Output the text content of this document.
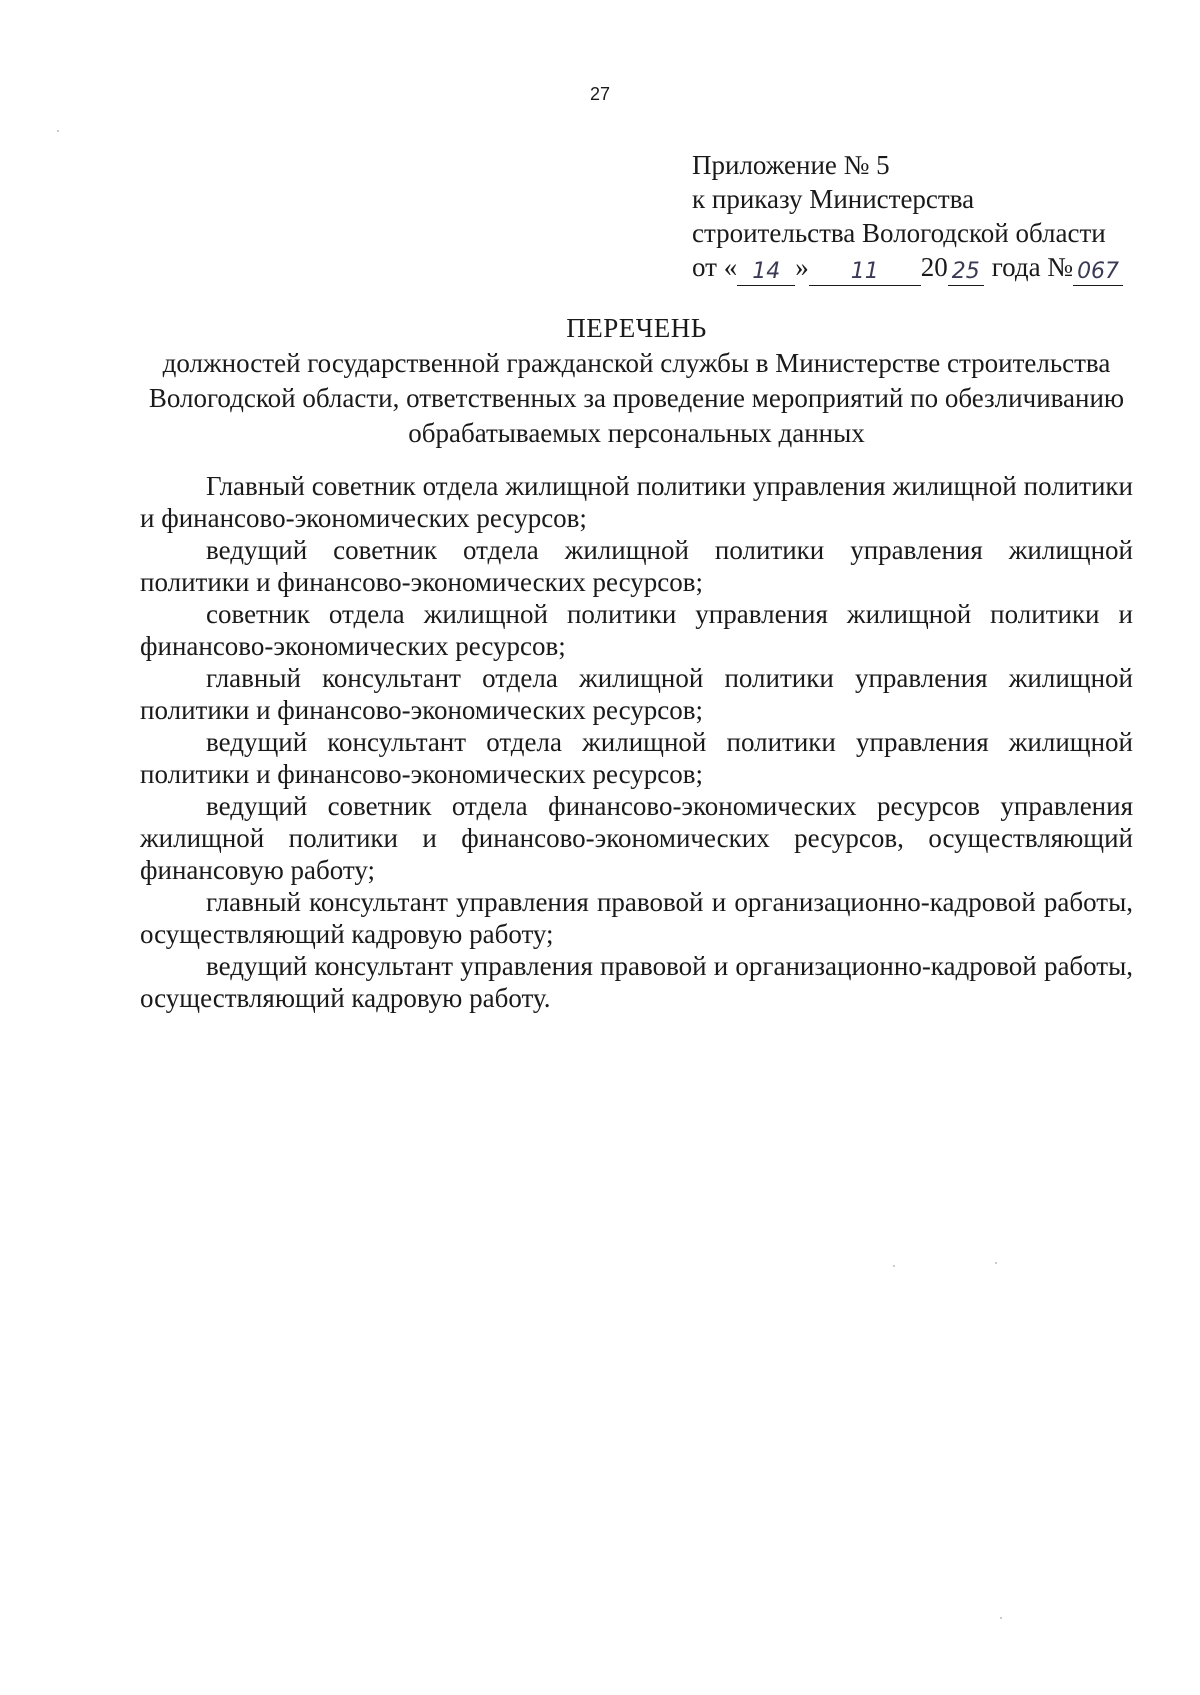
27
Приложение № 5
к приказу Министерства
строительства Вологодской области
от « 14 »	11	20 25 года № 067
ПЕРЕЧЕНЬ
должностей государственной гражданской службы в Министерстве строительства Вологодской области, ответственных за проведение мероприятий по обезличиванию обрабатываемых персональных данных

Главный советник отдела жилищной политики управления жилищной политики и финансово-экономических ресурсов;

ведущий советник отдела жилищной политики управления жилищной политики и финансово-экономических ресурсов;

советник отдела жилищной политики управления жилищной политики и финансово-экономических ресурсов;

главный консультант отдела жилищной политики управления жилищной политики и финансово-экономических ресурсов;

ведущий консультант отдела жилищной политики управления жилищной политики и финансово-экономических ресурсов;

ведущий советник отдела финансово-экономических ресурсов управления жилищной политики и финансово-экономических ресурсов, осуществляющий финансовую работу;

главный консультант управления правовой и организационно-кадровой работы, осуществляющий кадровую работу;

ведущий консультант управления правовой и организационно-кадровой работы, осуществляющий кадровую работу.
